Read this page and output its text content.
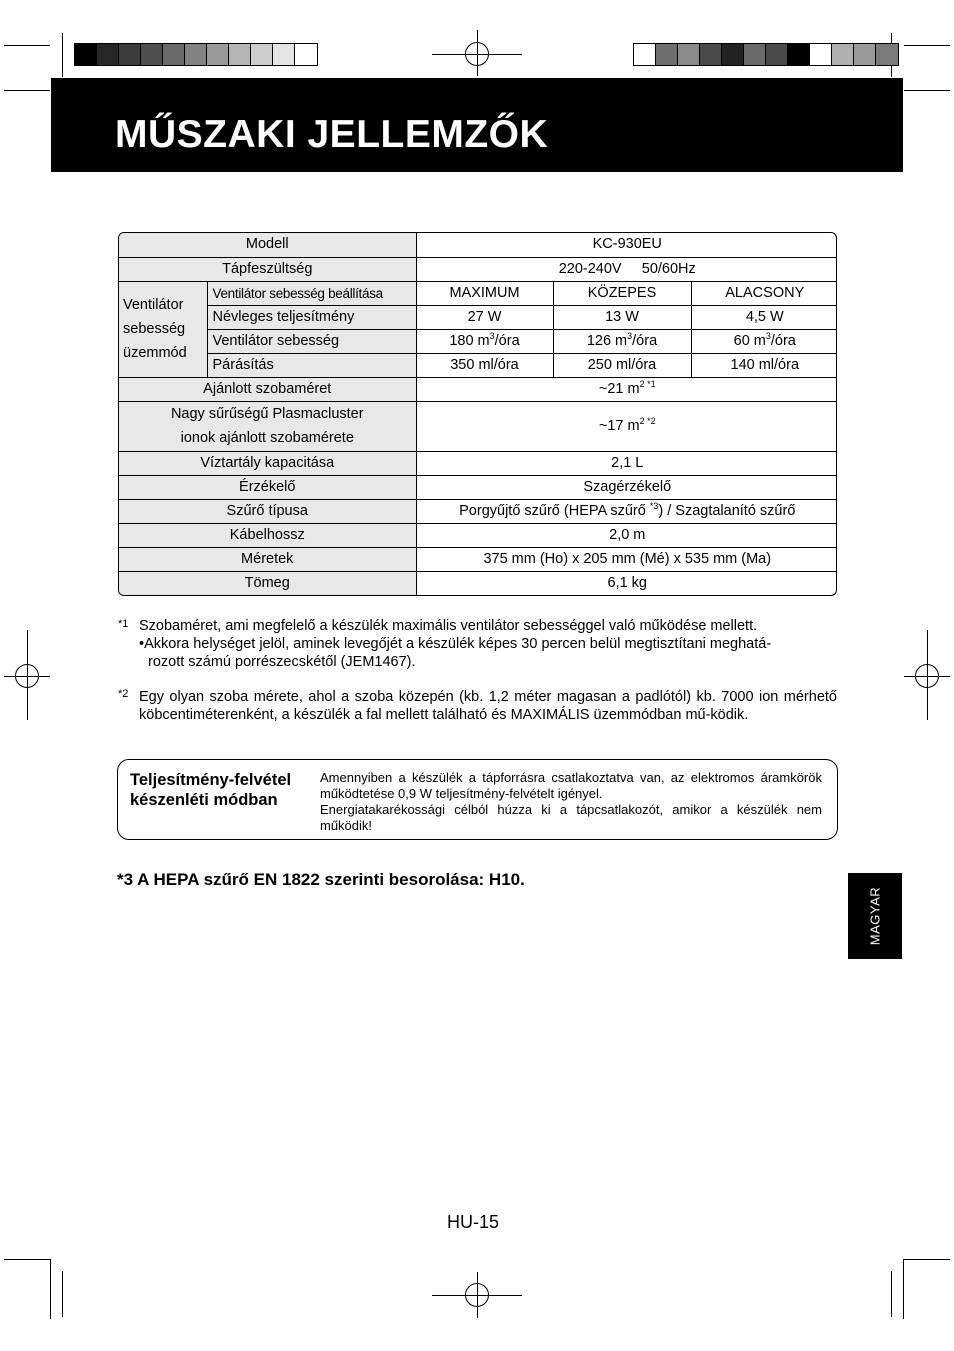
MŰSZAKI JELLEMZŐK
Modell		KC-930EU		
Tápfeszültség		220-240V 50/60Hz		
Ventilátor
sebesség
üzemmód	Ventilátor sebesség beállítása	MAXIMUM	KÖZEPES	ALACSONY
	Névleges teljesítmény	27 W	13 W	4,5 W
	Ventilátor sebesség	180 $m^3$/óra	126 $m^3$/óra	60 $m^3$/óra
	Párásítás	350 ml/óra	250 ml/óra	140 ml/óra
Ajánlott szobaméret		~21 $m^{2 *1}$
Nagy sűrűségű Plasmacluster
ionok ajánlott szobamérete		~17 $m^{2 *2}$
Víztartály kapacitása		2,1 L		
Érzékelő		Szagérzékelő		
Szűrő típusa		Porgyűjtő szűrő (HEPA szűrő $^{*3}$) / Szagtalanító szűrő		
Kábelhossz		2,0 m		
Méretek		375 mm (Ho) x 205 mm (Mé) x 535 mm (Ma)		
Tömeg		6,1 kg		
*1 Szobaméret, ami megfelelő a készülék maximális ventilátor sebességgel való működése mellett.
•Akkora helységet jelöl, aminek levegőjét a készülék képes 30 percen belül megtisztítani meghatá-
rozott számú porrészecskétől (JEM1467).
*2 Egy olyan szoba mérete, ahol a szoba közepén (kb. 1,2 méter magasan a padlótól) kb. 7000 ion mérhető köbcentiméterenként, a készülék a fal mellett található és MAXIMÁLIS üzemmódban mű-ködik.
Teljesítmény-felvétel
készenléti módban
Amennyiben a készülék a tápforrásra csatlakoztatva van, az elektromos áramkörök működtetése 0,9 W teljesítmény-felvételt igényel.
Energiatakarékossági célból húzza ki a tápcsatlakozót, amikor a készülék nem működik!
*3 A HEPA szűrő EN 1822 szerinti besorolása: H10.
MAGYAR
HU-15
